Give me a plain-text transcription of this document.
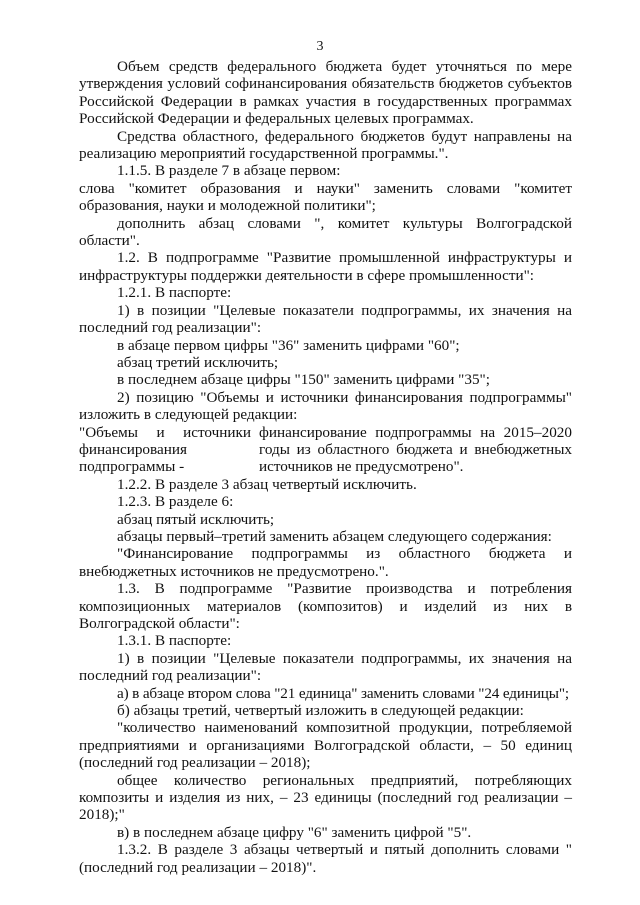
3

Объем средств федерального бюджета будет уточняться по мере утверждения условий софинансирования обязательств бюджетов субъектов Российской Федерации в рамках участия в государственных программах Российской Федерации и федеральных целевых программах.

Средства областного, федерального бюджетов будут направлены на реализацию мероприятий государственной программы.".

1.1.5. В разделе 7 в абзаце первом:

слова "комитет образования и науки" заменить словами "комитет образования, науки и молодежной политики";

дополнить абзац словами ", комитет культуры Волгоградской области".

1.2. В подпрограмме "Развитие промышленной инфраструктуры и инфраструктуры поддержки деятельности в сфере промышленности":

1.2.1. В паспорте:

1) в позиции "Целевые показатели подпрограммы, их значения на последний год реализации":

в абзаце первом цифры "36" заменить цифрами "60";

абзац третий исключить;

в последнем абзаце цифры "150" заменить цифрами "35";

2) позицию "Объемы и источники финансирования подпрограммы" изложить в следующей редакции:

"Объемы и источники финансирования подпрограммы -
финансирование подпрограммы на 2015–2020 годы из областного бюджета и внебюджетных источников не предусмотрено".

1.2.2. В разделе 3 абзац четвертый исключить.

1.2.3. В разделе 6:

абзац пятый исключить;

абзацы первый–третий заменить абзацем следующего содержания:

"Финансирование подпрограммы из областного бюджета и внебюджетных источников не предусмотрено.".

1.3. В подпрограмме "Развитие производства и потребления композиционных материалов (композитов) и изделий из них в Волгоградской области":

1.3.1. В паспорте:

1) в позиции "Целевые показатели подпрограммы, их значения на последний год реализации":

а) в абзаце втором слова "21 единица" заменить словами "24 единицы";

б) абзацы третий, четвертый изложить в следующей редакции:

"количество наименований композитной продукции, потребляемой предприятиями и организациями Волгоградской области, – 50 единиц (последний год реализации – 2018);

общее количество региональных предприятий, потребляющих композиты и изделия из них, – 23 единицы (последний год реализации – 2018);"

в) в последнем абзаце цифру "6" заменить цифрой "5".

1.3.2. В разделе 3 абзацы четвертый и пятый дополнить словами "(последний год реализации – 2018)".
